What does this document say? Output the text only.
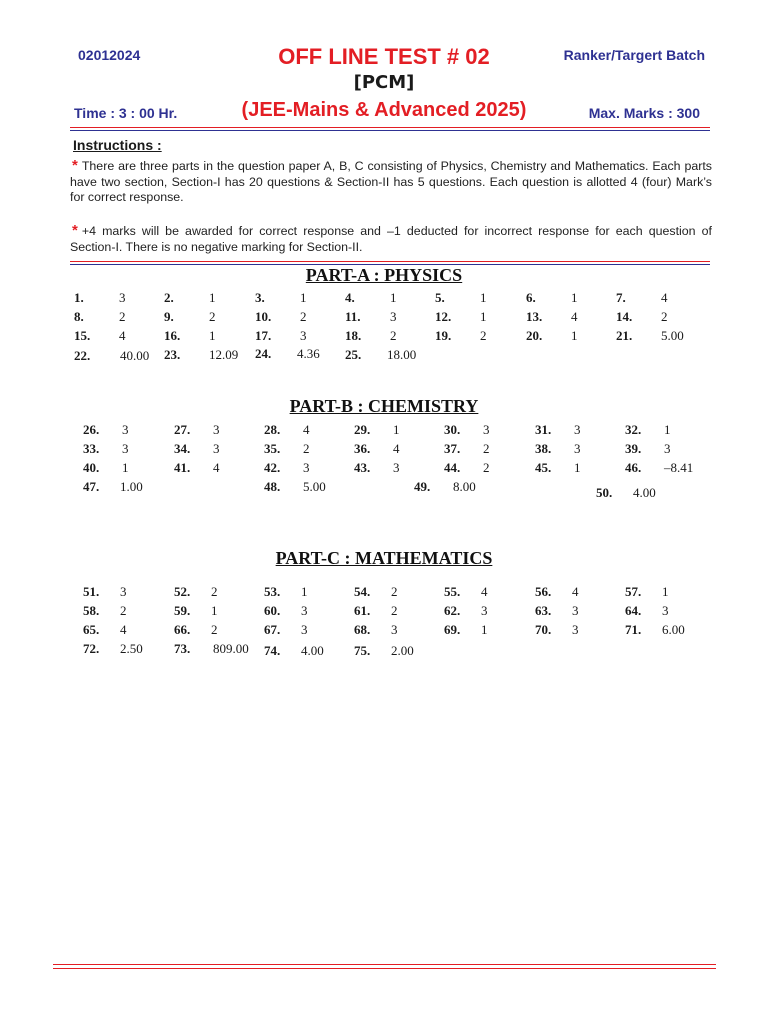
02012024	OFF LINE TEST # 02	Ranker/Targert Batch
[PCM]
Time : 3 : 00 Hr.	(JEE-Mains & Advanced 2025)	Max. Marks : 300
Instructions :
* There are three parts in the question paper A, B, C consisting of Physics, Chemistry and Mathematics. Each parts have two section, Section-I has 20 questions & Section-II has 5 questions. Each question is allotted 4 (four) Mark’s for correct response.
* +4 marks will be awarded for correct response and –1 deducted for incorrect response for each question of Section-I. There is no negative marking for Section-II.
PART-A : PHYSICS
PART-B : CHEMISTRY
PART-C : MATHEMATICS
1.	3	2.	1	3.	1	4.	1	5.	1	6.	1	7.	4
8.	2	9.	2	10. 2	11. 3	12. 1	13. 4	14. 2
15. 4	16. 1	17. 3	18. 2	19. 2	20. 1	21. 5.00
22. 40.00 23. 12.09 24. 4.36 25. 18.00
26. 3	27. 3	28. 4	29. 1	30. 3	31. 3	32. 1
33. 3	34. 3	35. 2	36. 4	37. 2	38. 3	39. 3
40. 1	41. 4	42. 3	43. 3	44. 2	45. 1	46. –8.41
47. 1.00	48. 5.00	49. 8.00	50. 4.00
51. 3	52. 2	53. 1	54. 2	55. 4	56. 4	57. 1
58. 2	59. 1	60. 3	61. 2	62. 3	63. 3	64. 3
65. 4	66. 2	67. 3	68. 3	69. 1	70. 3	71. 6.00
72. 2.50 73. 809.00 74. 4.00 75. 2.00
